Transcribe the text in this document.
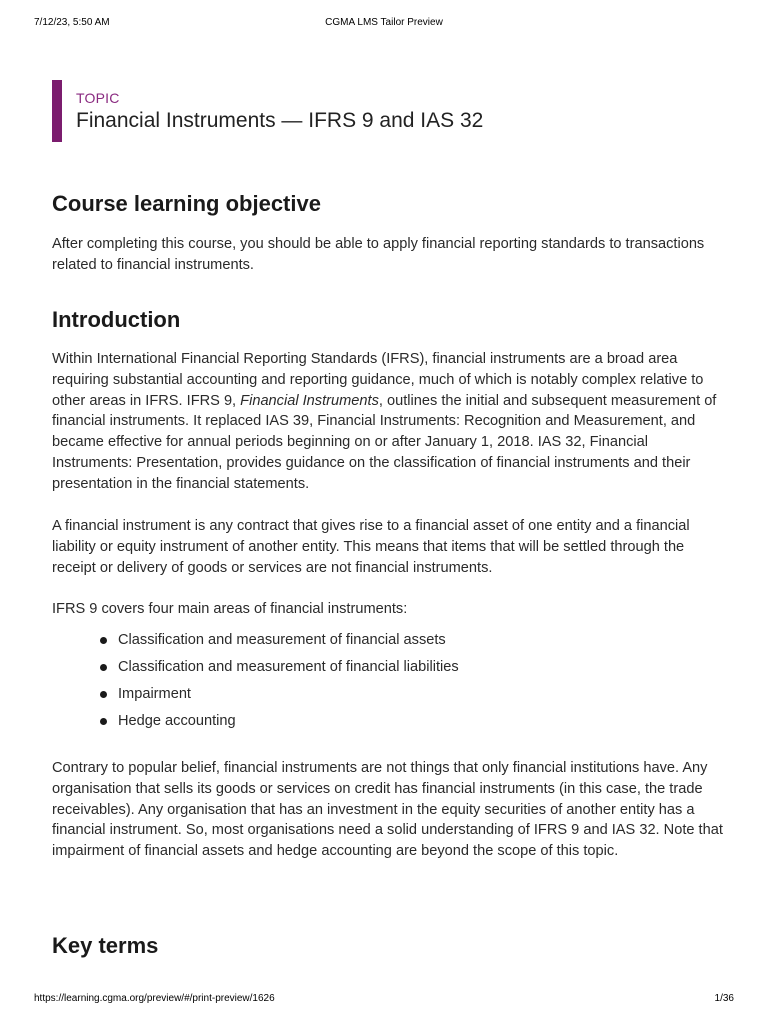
7/12/23, 5:50 AM	CGMA LMS Tailor Preview
TOPIC
Financial Instruments — IFRS 9 and IAS 32
Course learning objective

After completing this course, you should be able to apply financial reporting standards to transactions related to financial instruments.

Introduction

Within International Financial Reporting Standards (IFRS), financial instruments are a broad area requiring substantial accounting and reporting guidance, much of which is notably complex relative to other areas in IFRS. IFRS 9, Financial Instruments, outlines the initial and subsequent measurement of financial instruments. It replaced IAS 39, Financial Instruments: Recognition and Measurement, and became effective for annual periods beginning on or after January 1, 2018. IAS 32, Financial Instruments: Presentation, provides guidance on the classification of financial instruments and their presentation in the financial statements.

A financial instrument is any contract that gives rise to a financial asset of one entity and a financial liability or equity instrument of another entity. This means that items that will be settled through the receipt or delivery of goods or services are not financial instruments.

IFRS 9 covers four main areas of financial instruments:

Classification and measurement of financial assets
Classification and measurement of financial liabilities
Impairment
Hedge accounting

Contrary to popular belief, financial instruments are not things that only financial institutions have. Any organisation that sells its goods or services on credit has financial instruments (in this case, the trade receivables). Any organisation that has an investment in the equity securities of another entity has a financial instrument. So, most organisations need a solid understanding of IFRS 9 and IAS 32. Note that impairment of financial assets and hedge accounting are beyond the scope of this topic.

Key terms
https://learning.cgma.org/preview/#/print-preview/1626	1/36
